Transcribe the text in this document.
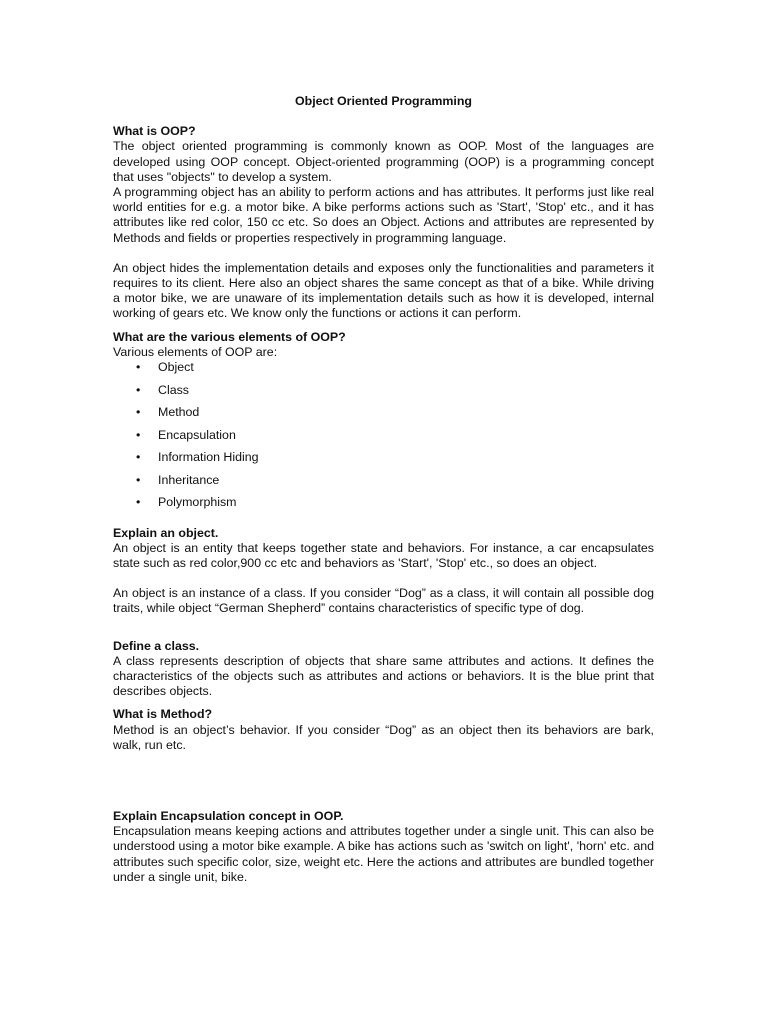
Object Oriented Programming
What is OOP?

The object oriented programming is commonly known as OOP. Most of the languages are developed using OOP concept. Object-oriented programming (OOP) is a programming concept that uses "objects" to develop a system.

A programming object has an ability to perform actions and has attributes. It performs just like real world entities for e.g. a motor bike. A bike performs actions such as 'Start', 'Stop' etc., and it has attributes like red color, 150 cc etc. So does an Object. Actions and attributes are represented by Methods and fields or properties respectively in programming language.

An object hides the implementation details and exposes only the functionalities and parameters it requires to its client. Here also an object shares the same concept as that of a bike. While driving a motor bike, we are unaware of its implementation details such as how it is developed, internal working of gears etc. We know only the functions or actions it can perform.

What are the various elements of OOP?

Various elements of OOP are:

• Object
• Class
• Method
• Encapsulation
• Information Hiding
• Inheritance
• Polymorphism
Explain an object.

An object is an entity that keeps together state and behaviors. For instance, a car encapsulates state such as red color,900 cc etc and behaviors as 'Start', 'Stop' etc., so does an object.

An object is an instance of a class. If you consider “Dog” as a class, it will contain all possible dog traits, while object “German Shepherd” contains characteristics of specific type of dog.

Define a class.

A class represents description of objects that share same attributes and actions. It defines the characteristics of the objects such as attributes and actions or behaviors. It is the blue print that describes objects.

What is Method?

Method is an object’s behavior. If you consider “Dog” as an object then its behaviors are bark, walk, run etc.

Explain Encapsulation concept in OOP.

Encapsulation means keeping actions and attributes together under a single unit. This can also be understood using a motor bike example. A bike has actions such as 'switch on light', 'horn' etc. and attributes such specific color, size, weight etc. Here the actions and attributes are bundled together under a single unit, bike.
